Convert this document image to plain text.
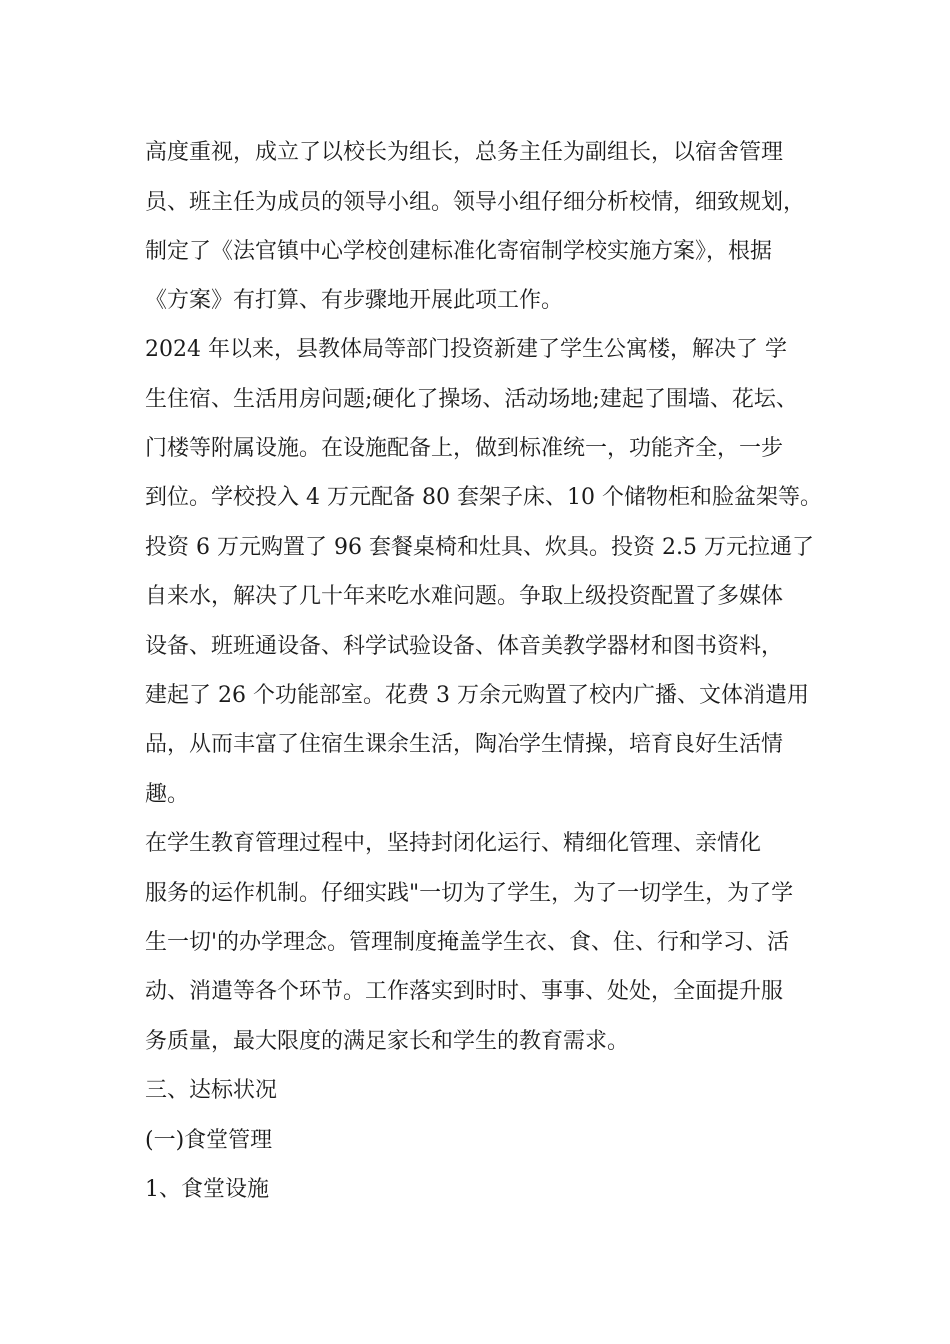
高度重视，成立了以校长为组长，总务主任为副组长，以宿舍管理
员、班主任为成员的领导小组。领导小组仔细分析校情，细致规划，
制定了《法官镇中心学校创建标准化寄宿制学校实施方案》，根据
《方案》有打算、有步骤地开展此项工作。
2024 年以来，县教体局等部门投资新建了学生公寓楼，解决了 学
生住宿、生活用房问题;硬化了操场、活动场地;建起了围墙、花坛、
门楼等附属设施。在设施配备上，做到标准统一，功能齐全，一步
到位。学校投入 4 万元配备 80 套架子床、10 个储物柜和脸盆架等。
投资 6 万元购置了 96 套餐桌椅和灶具、炊具。投资 2.5 万元拉通了
自来水，解决了几十年来吃水难问题。争取上级投资配置了多媒体
设备、班班通设备、科学试验设备、体音美教学器材和图书资料，
建起了 26 个功能部室。花费 3 万余元购置了校内广播、文体消遣用
品，从而丰富了住宿生课余生活，陶冶学生情操，培育良好生活情
趣。
在学生教育管理过程中，坚持封闭化运行、精细化管理、亲情化
服务的运作机制。仔细实践"一切为了学生，为了一切学生，为了学
生一切'的办学理念。管理制度掩盖学生衣、食、住、行和学习、活
动、消遣等各个环节。工作落实到时时、事事、处处，全面提升服
务质量，最大限度的满足家长和学生的教育需求。
三、达标状况
(一)食堂管理
1、食堂设施
